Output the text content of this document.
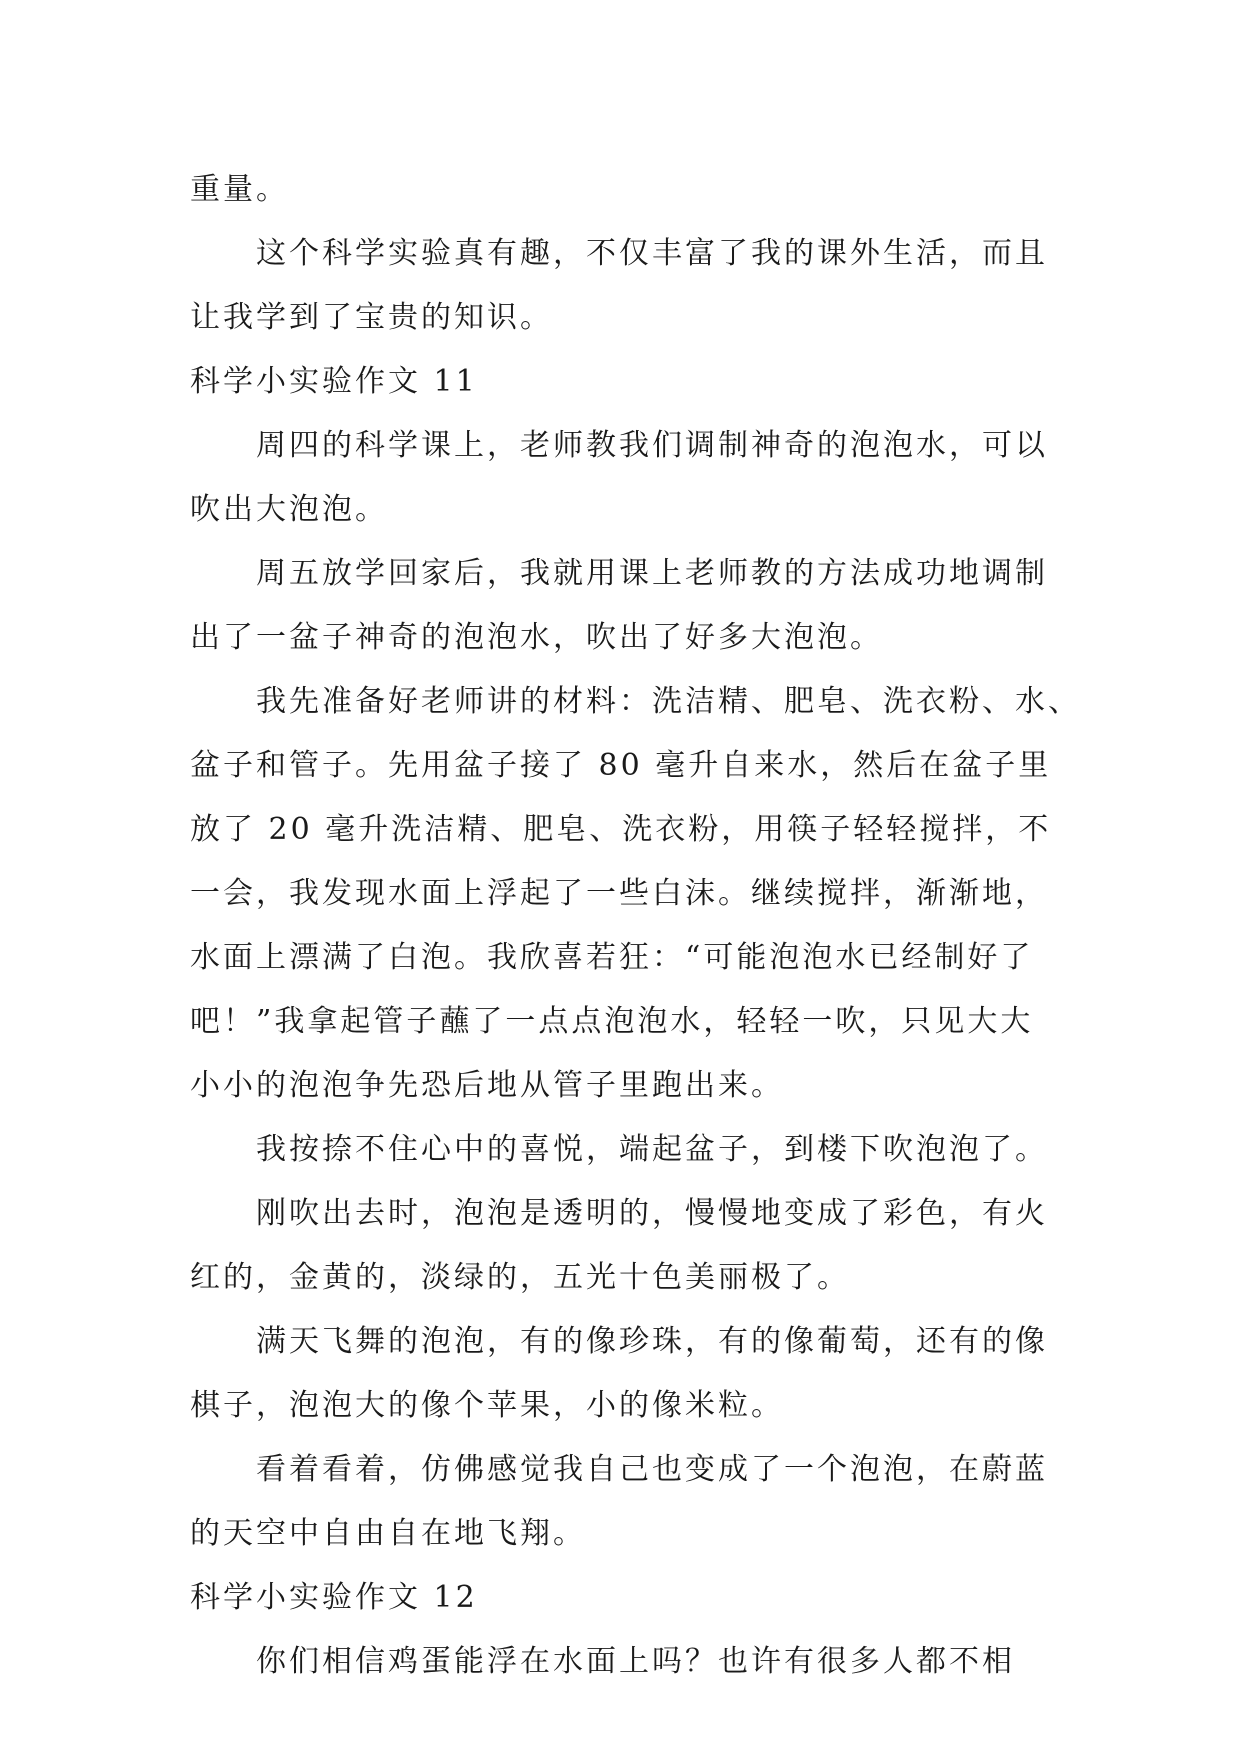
重量。
这个科学实验真有趣，不仅丰富了我的课外生活，而且
让我学到了宝贵的知识。
科学小实验作文 11
周四的科学课上，老师教我们调制神奇的泡泡水，可以
吹出大泡泡。
周五放学回家后，我就用课上老师教的方法成功地调制
出了一盆子神奇的泡泡水，吹出了好多大泡泡。
我先准备好老师讲的材料：洗洁精、肥皂、洗衣粉、水、
盆子和管子。先用盆子接了 80 毫升自来水，然后在盆子里
放了 20 毫升洗洁精、肥皂、洗衣粉，用筷子轻轻搅拌，不
一会，我发现水面上浮起了一些白沫。继续搅拌，渐渐地，
水面上漂满了白泡。我欣喜若狂：“可能泡泡水已经制好了
吧！”我拿起管子蘸了一点点泡泡水，轻轻一吹，只见大大
小小的泡泡争先恐后地从管子里跑出来。
我按捺不住心中的喜悦，端起盆子，到楼下吹泡泡了。
刚吹出去时，泡泡是透明的，慢慢地变成了彩色，有火
红的，金黄的，淡绿的，五光十色美丽极了。
满天飞舞的泡泡，有的像珍珠，有的像葡萄，还有的像
棋子，泡泡大的像个苹果，小的像米粒。
看着看着，仿佛感觉我自己也变成了一个泡泡，在蔚蓝
的天空中自由自在地飞翔。
科学小实验作文 12
你们相信鸡蛋能浮在水面上吗？也许有很多人都不相
